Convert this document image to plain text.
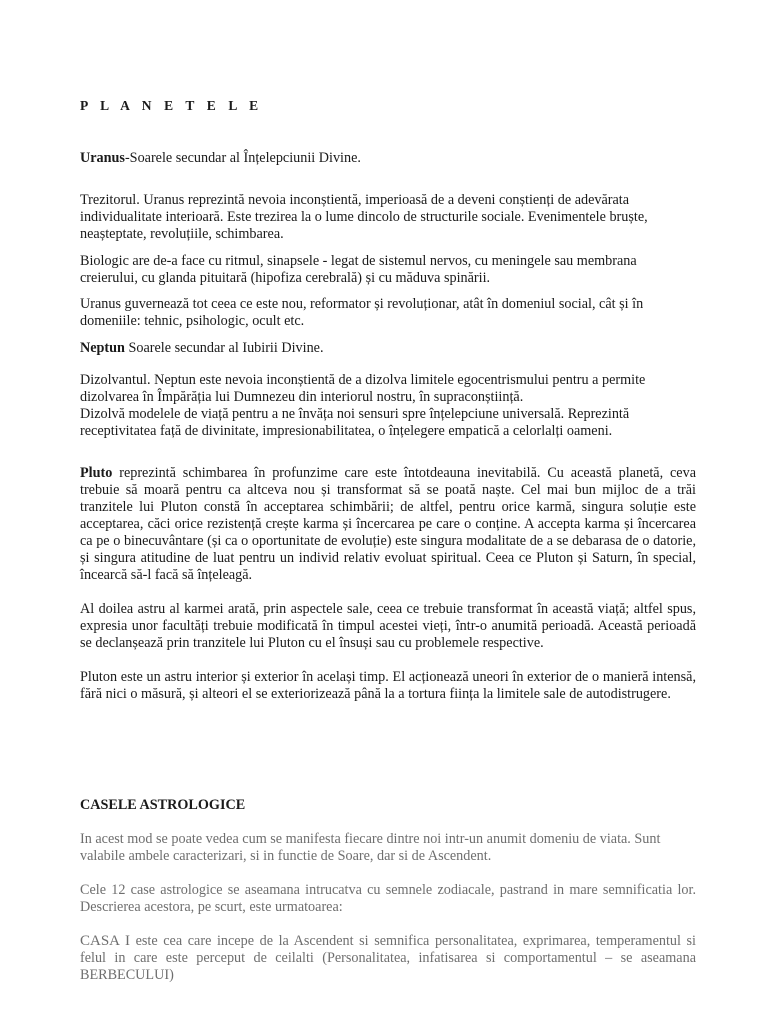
P L A N E T E L E

Uranus-Soarele secundar al Înțelepciunii Divine.

Trezitorul. Uranus reprezintă nevoia inconștientă, imperioasă de a deveni conștienți de adevărata individualitate interioară. Este trezirea la o lume dincolo de structurile sociale. Evenimentele bruște, neașteptate, revoluțiile, schimbarea.

Biologic are de-a face cu ritmul, sinapsele - legat de sistemul nervos, cu meningele sau membrana creierului, cu glanda pituitară (hipofiza cerebrală) și cu măduva spinării.

Uranus guvernează tot ceea ce este nou, reformator și revoluționar, atât în domeniul social, cât și în domeniile: tehnic, psihologic, ocult etc.

Neptun Soarele secundar al Iubirii Divine.

Dizolvantul. Neptun este nevoia inconștientă de a dizolva limitele egocentrismului pentru a permite dizolvarea în Împărăția lui Dumnezeu din interiorul nostru, în supraconștiință.

Dizolvă modelele de viață pentru a ne învăța noi sensuri spre înțelepciune universală. Reprezintă receptivitatea față de divinitate, impresionabilitatea, o înțelegere empatică a celorlalți oameni.

Pluto reprezintă schimbarea în profunzime care este întotdeauna inevitabilă. Cu această planetă, ceva trebuie să moară pentru ca altceva nou și transformat să se poată naște. Cel mai bun mijloc de a trăi tranzitele lui Pluton constă în acceptarea schimbării; de altfel, pentru orice karmă, singura soluție este acceptarea, căci orice rezistență crește karma și încercarea pe care o conține. A accepta karma și încercarea ca pe o binecuvântare (și ca o oportunitate de evoluție) este singura modalitate de a se debarasa de o datorie, și singura atitudine de luat pentru un individ relativ evoluat spiritual. Ceea ce Pluton și Saturn, în special, încearcă să-l facă să înțeleagă.

Al doilea astru al karmei arată, prin aspectele sale, ceea ce trebuie transformat în această viață; altfel spus, expresia unor facultăți trebuie modificată în timpul acestei vieți, într-o anumită perioadă. Această perioadă se declanșează prin tranzitele lui Pluton cu el însuși sau cu problemele respective.

Pluton este un astru interior și exterior în același timp. El acționează uneori în exterior de o manieră intensă, fără nici o măsură, și alteori el se exteriorizează până la a tortura ființa la limitele sale de autodistrugere.

CASELE ASTROLOGICE

In acest mod se poate vedea cum se manifesta fiecare dintre noi intr-un anumit domeniu de viata. Sunt valabile ambele caracterizari, si in functie de Soare, dar si de Ascendent.

Cele 12 case astrologice se aseamana intrucatva cu semnele zodiacale, pastrand in mare semnificatia lor. Descrierea acestora, pe scurt, este urmatoarea:

CASA I este cea care incepe de la Ascendent si semnifica personalitatea, exprimarea, temperamentul si felul in care este perceput de ceilalti (Personalitatea, infatisarea si comportamentul – se aseamana BERBECULUI)
